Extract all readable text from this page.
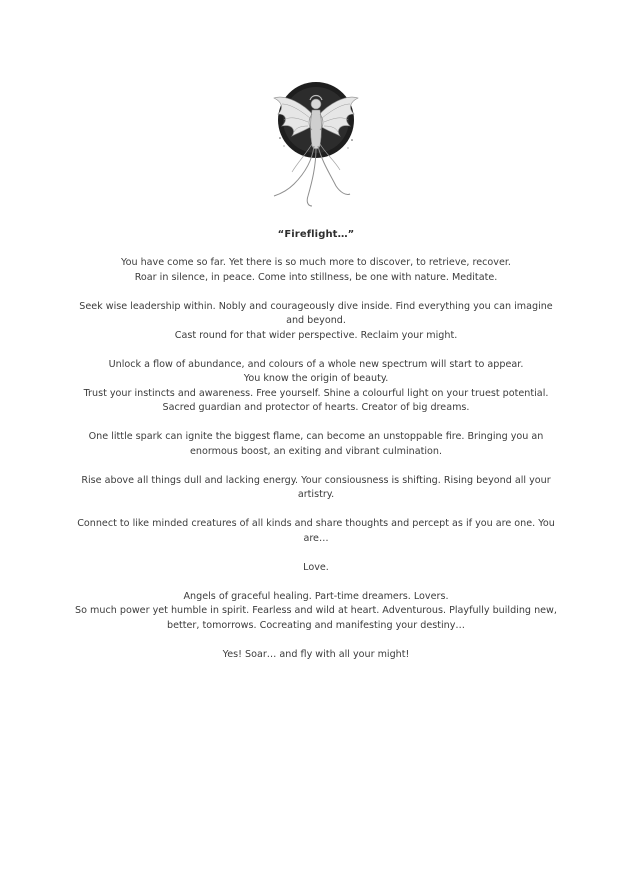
“Fireflight…”

You have come so far. Yet there is so much more to discover, to retrieve, recover.
Roar in silence, in peace. Come into stillness, be one with nature. Meditate.

Seek wise leadership within. Nobly and courageously dive inside. Find everything you can imagine and beyond.
Cast round for that wider perspective. Reclaim your might.

Unlock a flow of abundance, and colours of a whole new spectrum will start to appear.
You know the origin of beauty.
Trust your instincts and awareness. Free yourself. Shine a colourful light on your truest potential. Sacred guardian and protector of hearts. Creator of big dreams.

One little spark can ignite the biggest flame, can become an unstoppable fire. Bringing you an enormous boost, an exiting and vibrant culmination.

Rise above all things dull and lacking energy. Your consiousness is shifting. Rising beyond all your artistry.

Connect to like minded creatures of all kinds and share thoughts and percept as if you are one. You are…

Love.

Angels of graceful healing. Part-time dreamers. Lovers.
So much power yet humble in spirit. Fearless and wild at heart. Adventurous. Playfully building new, better, tomorrows. Cocreating and manifesting your destiny…

Yes! Soar… and fly with all your might!
